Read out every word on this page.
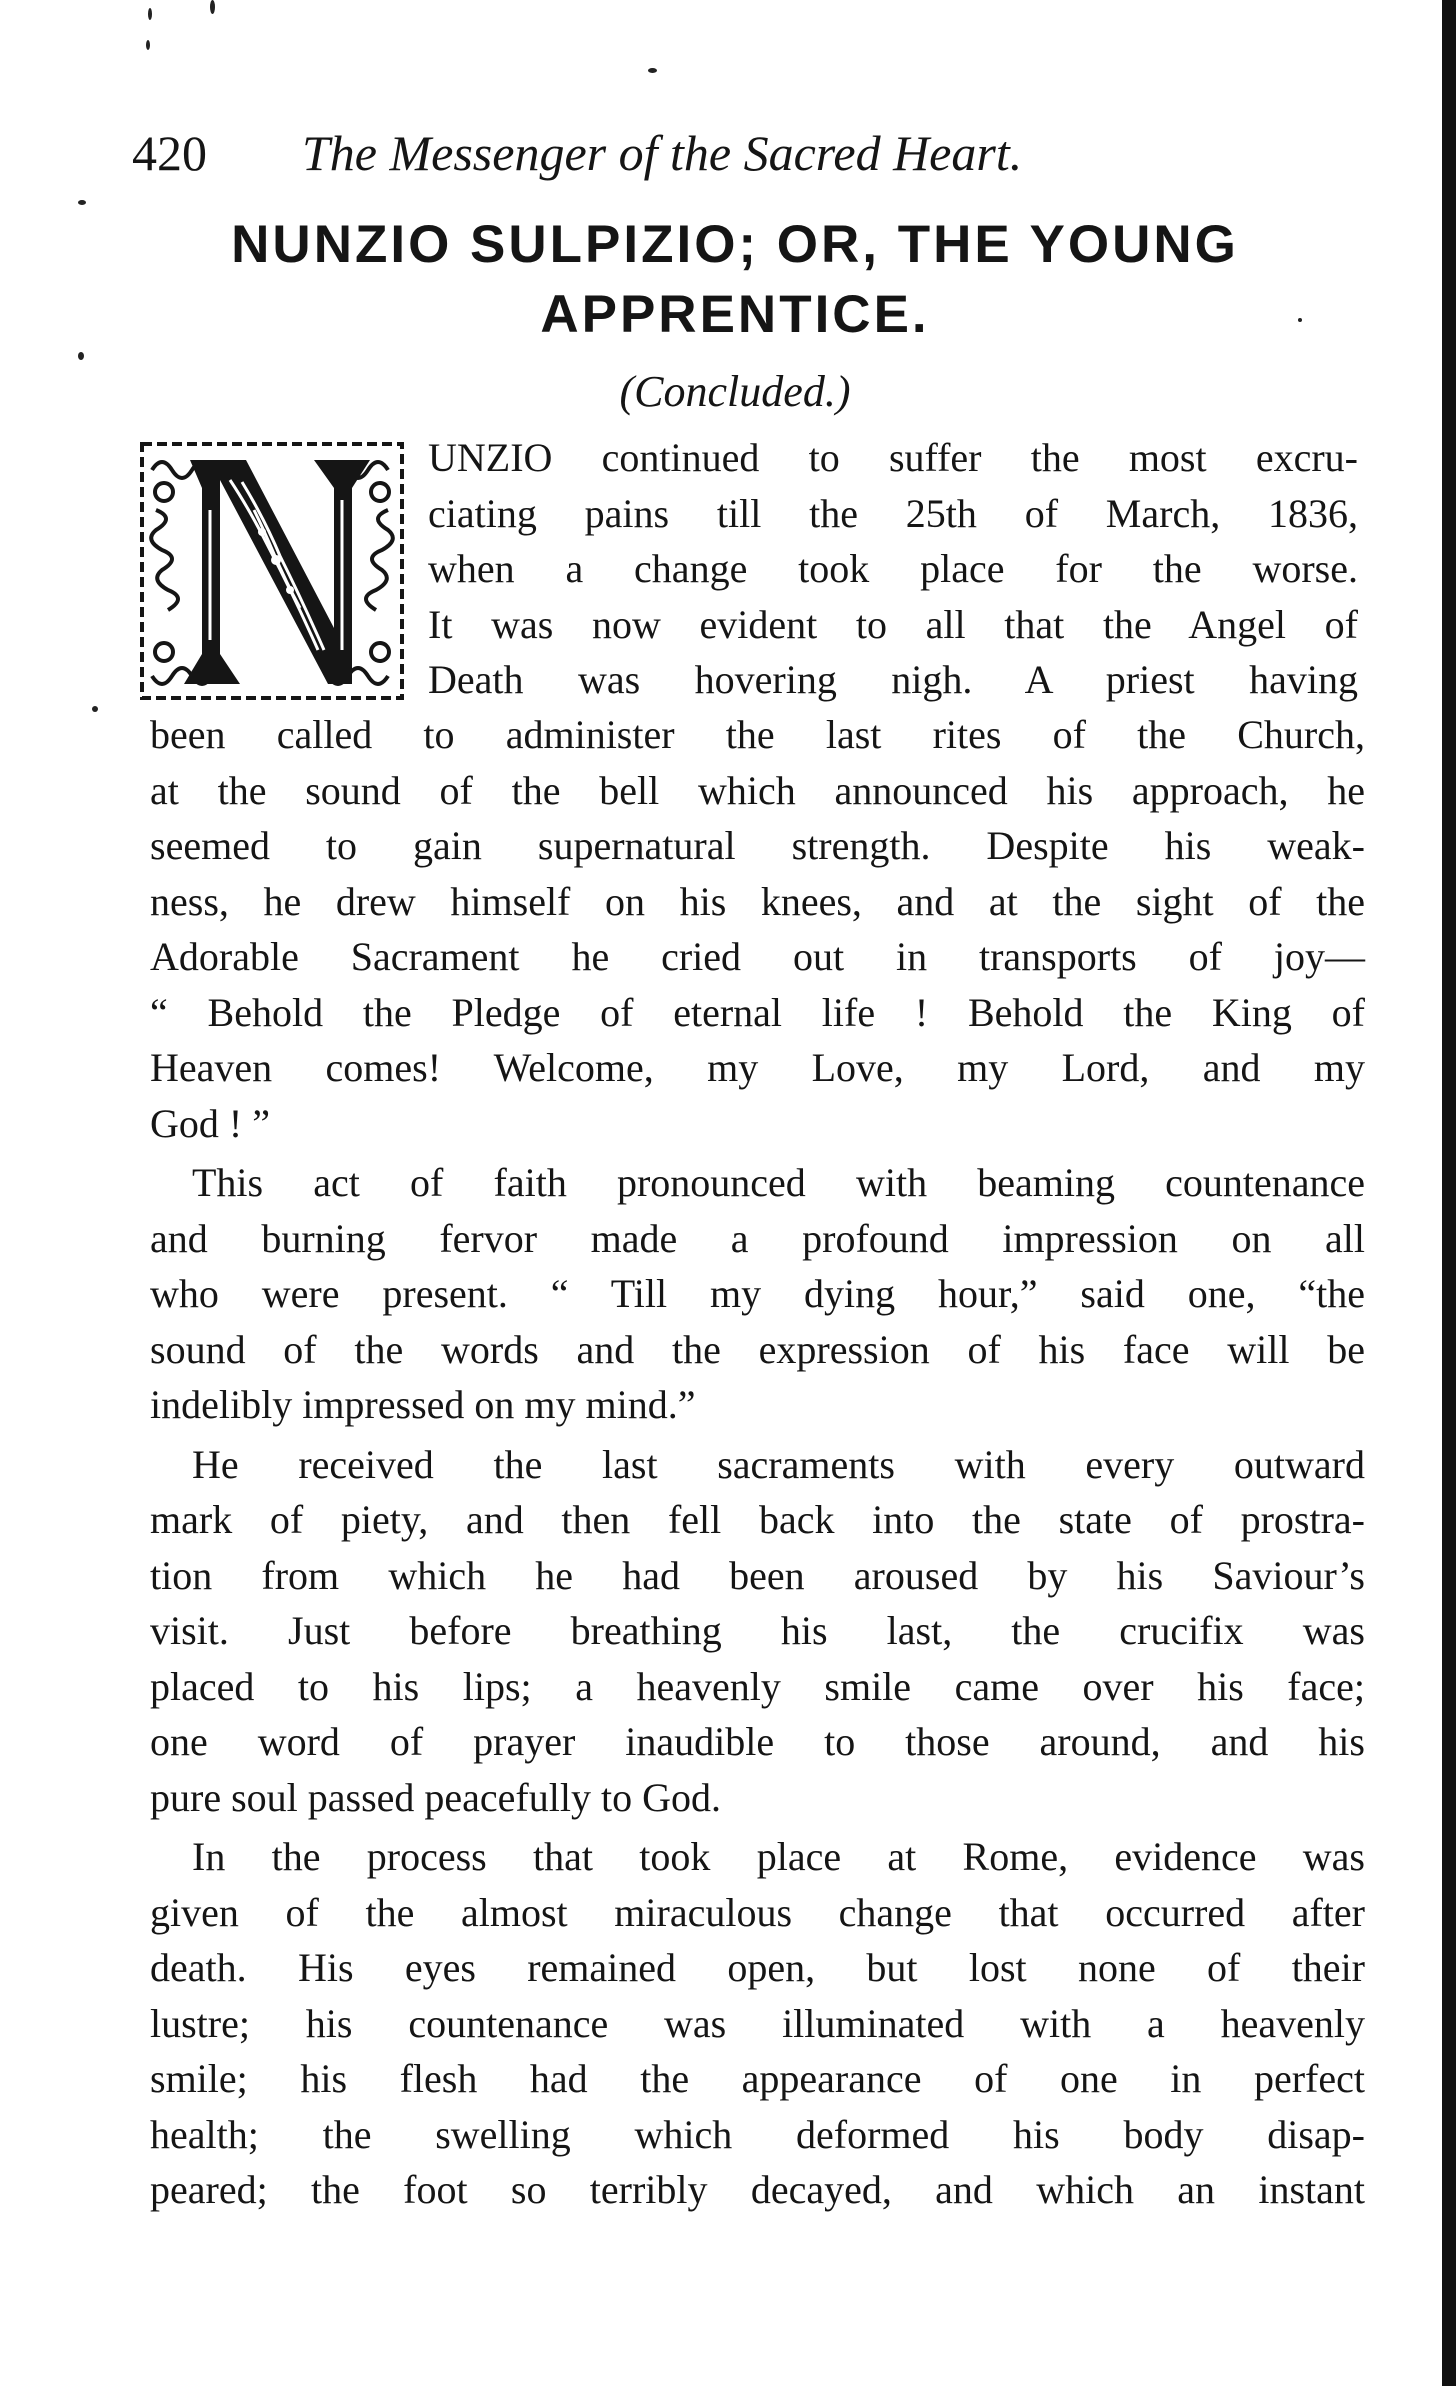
420 The Messenger of the Sacred Heart.
NUNZIO SULPIZIO; OR, THE YOUNG
APPRENTICE.
(Concluded.)
UNZIO continued to suffer the most excru-
ciating pains till the 25th of March, 1836,
when a change took place for the worse.
It was now evident to all that the Angel of
Death was hovering nigh. A priest having
been called to administer the last rites of the Church,
at the sound of the bell which announced his approach, he
seemed to gain supernatural strength. Despite his weak-
ness, he drew himself on his knees, and at the sight of the
Adorable Sacrament he cried out in transports of joy—
“ Behold the Pledge of eternal life ! Behold the King of
Heaven comes! Welcome, my Love, my Lord, and my
God ! ”
This act of faith pronounced with beaming countenance
and burning fervor made a profound impression on all
who were present. “ Till my dying hour,” said one, “the
sound of the words and the expression of his face will be
indelibly impressed on my mind.”
He received the last sacraments with every outward
mark of piety, and then fell back into the state of prostra-
tion from which he had been aroused by his Saviour’s
visit. Just before breathing his last, the crucifix was
placed to his lips; a heavenly smile came over his face;
one word of prayer inaudible to those around, and his
pure soul passed peacefully to God.
In the process that took place at Rome, evidence was
given of the almost miraculous change that occurred after
death. His eyes remained open, but lost none of their
lustre; his countenance was illuminated with a heavenly
smile; his flesh had the appearance of one in perfect
health; the swelling which deformed his body disap-
peared; the foot so terribly decayed, and which an instant
